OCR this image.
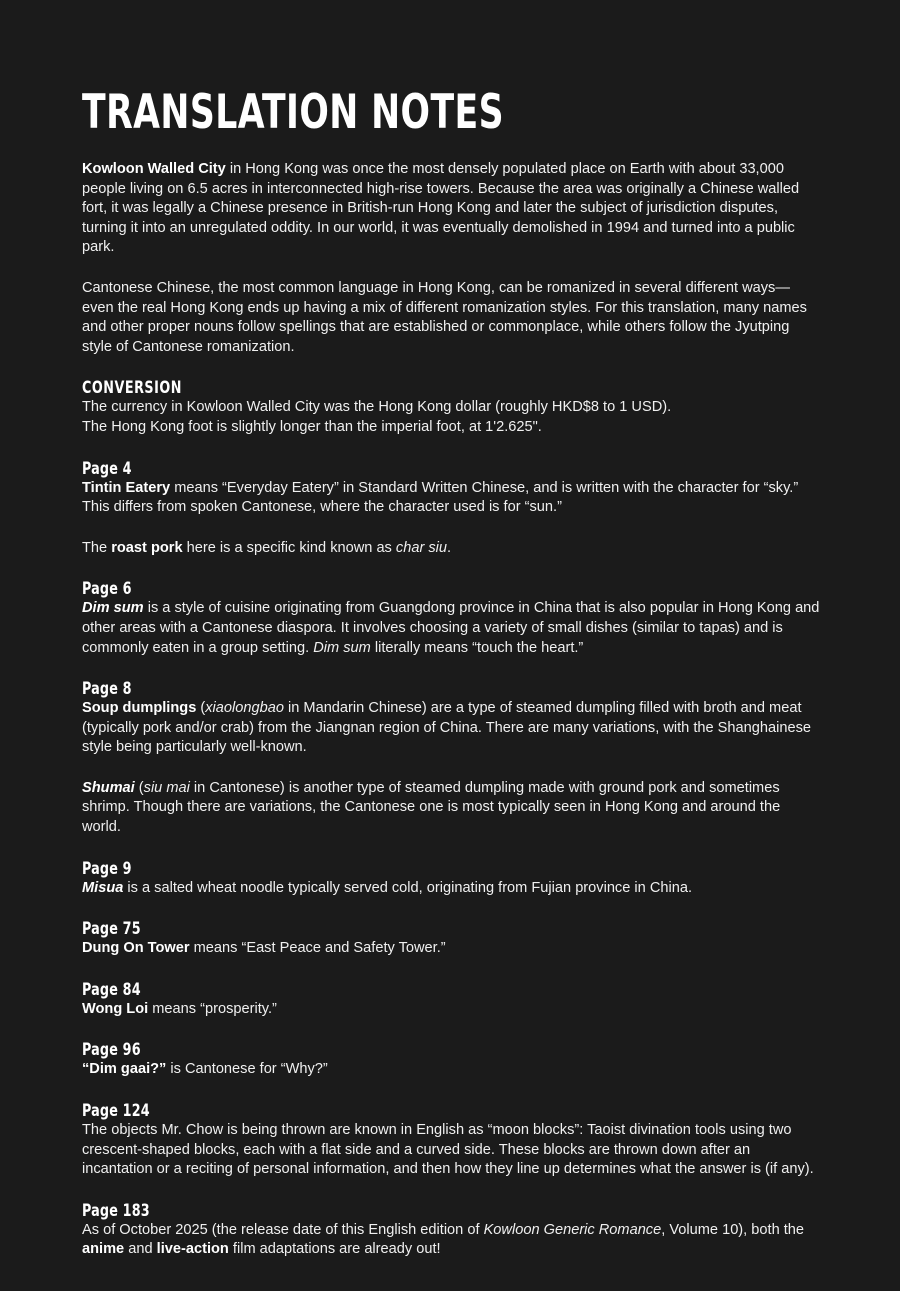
TRANSLATION NOTES

Kowloon Walled City in Hong Kong was once the most densely populated place on Earth with about 33,000 people living on 6.5 acres in interconnected high-rise towers. Because the area was originally a Chinese walled fort, it was legally a Chinese presence in British-run Hong Kong and later the subject of jurisdiction disputes, turning it into an unregulated oddity. In our world, it was eventually demolished in 1994 and turned into a public park.

Cantonese Chinese, the most common language in Hong Kong, can be romanized in several different ways—even the real Hong Kong ends up having a mix of different romanization styles. For this translation, many names and other proper nouns follow spellings that are established or commonplace, while others follow the Jyutping style of Cantonese romanization.

CONVERSION

The currency in Kowloon Walled City was the Hong Kong dollar (roughly HKD$8 to 1 USD).

The Hong Kong foot is slightly longer than the imperial foot, at 1'2.625".

Page 4

Tintin Eatery means “Everyday Eatery” in Standard Written Chinese, and is written with the character for “sky.” This differs from spoken Cantonese, where the character used is for “sun.”

The roast pork here is a specific kind known as char siu.

Page 6

Dim sum is a style of cuisine originating from Guangdong province in China that is also popular in Hong Kong and other areas with a Cantonese diaspora. It involves choosing a variety of small dishes (similar to tapas) and is commonly eaten in a group setting. Dim sum literally means “touch the heart.”

Page 8

Soup dumplings (xiaolongbao in Mandarin Chinese) are a type of steamed dumpling filled with broth and meat (typically pork and/or crab) from the Jiangnan region of China. There are many variations, with the Shanghainese style being particularly well-known.

Shumai (siu mai in Cantonese) is another type of steamed dumpling made with ground pork and sometimes shrimp. Though there are variations, the Cantonese one is most typically seen in Hong Kong and around the world.

Page 9

Misua is a salted wheat noodle typically served cold, originating from Fujian province in China.

Page 75

Dung On Tower means “East Peace and Safety Tower.”

Page 84

Wong Loi means “prosperity.”

Page 96

“Dim gaai?” is Cantonese for “Why?”

Page 124

The objects Mr. Chow is being thrown are known in English as “moon blocks”: Taoist divination tools using two crescent-shaped blocks, each with a flat side and a curved side. These blocks are thrown down after an incantation or a reciting of personal information, and then how they line up determines what the answer is (if any).

Page 183

As of October 2025 (the release date of this English edition of Kowloon Generic Romance, Volume 10), both the anime and live-action film adaptations are already out!
